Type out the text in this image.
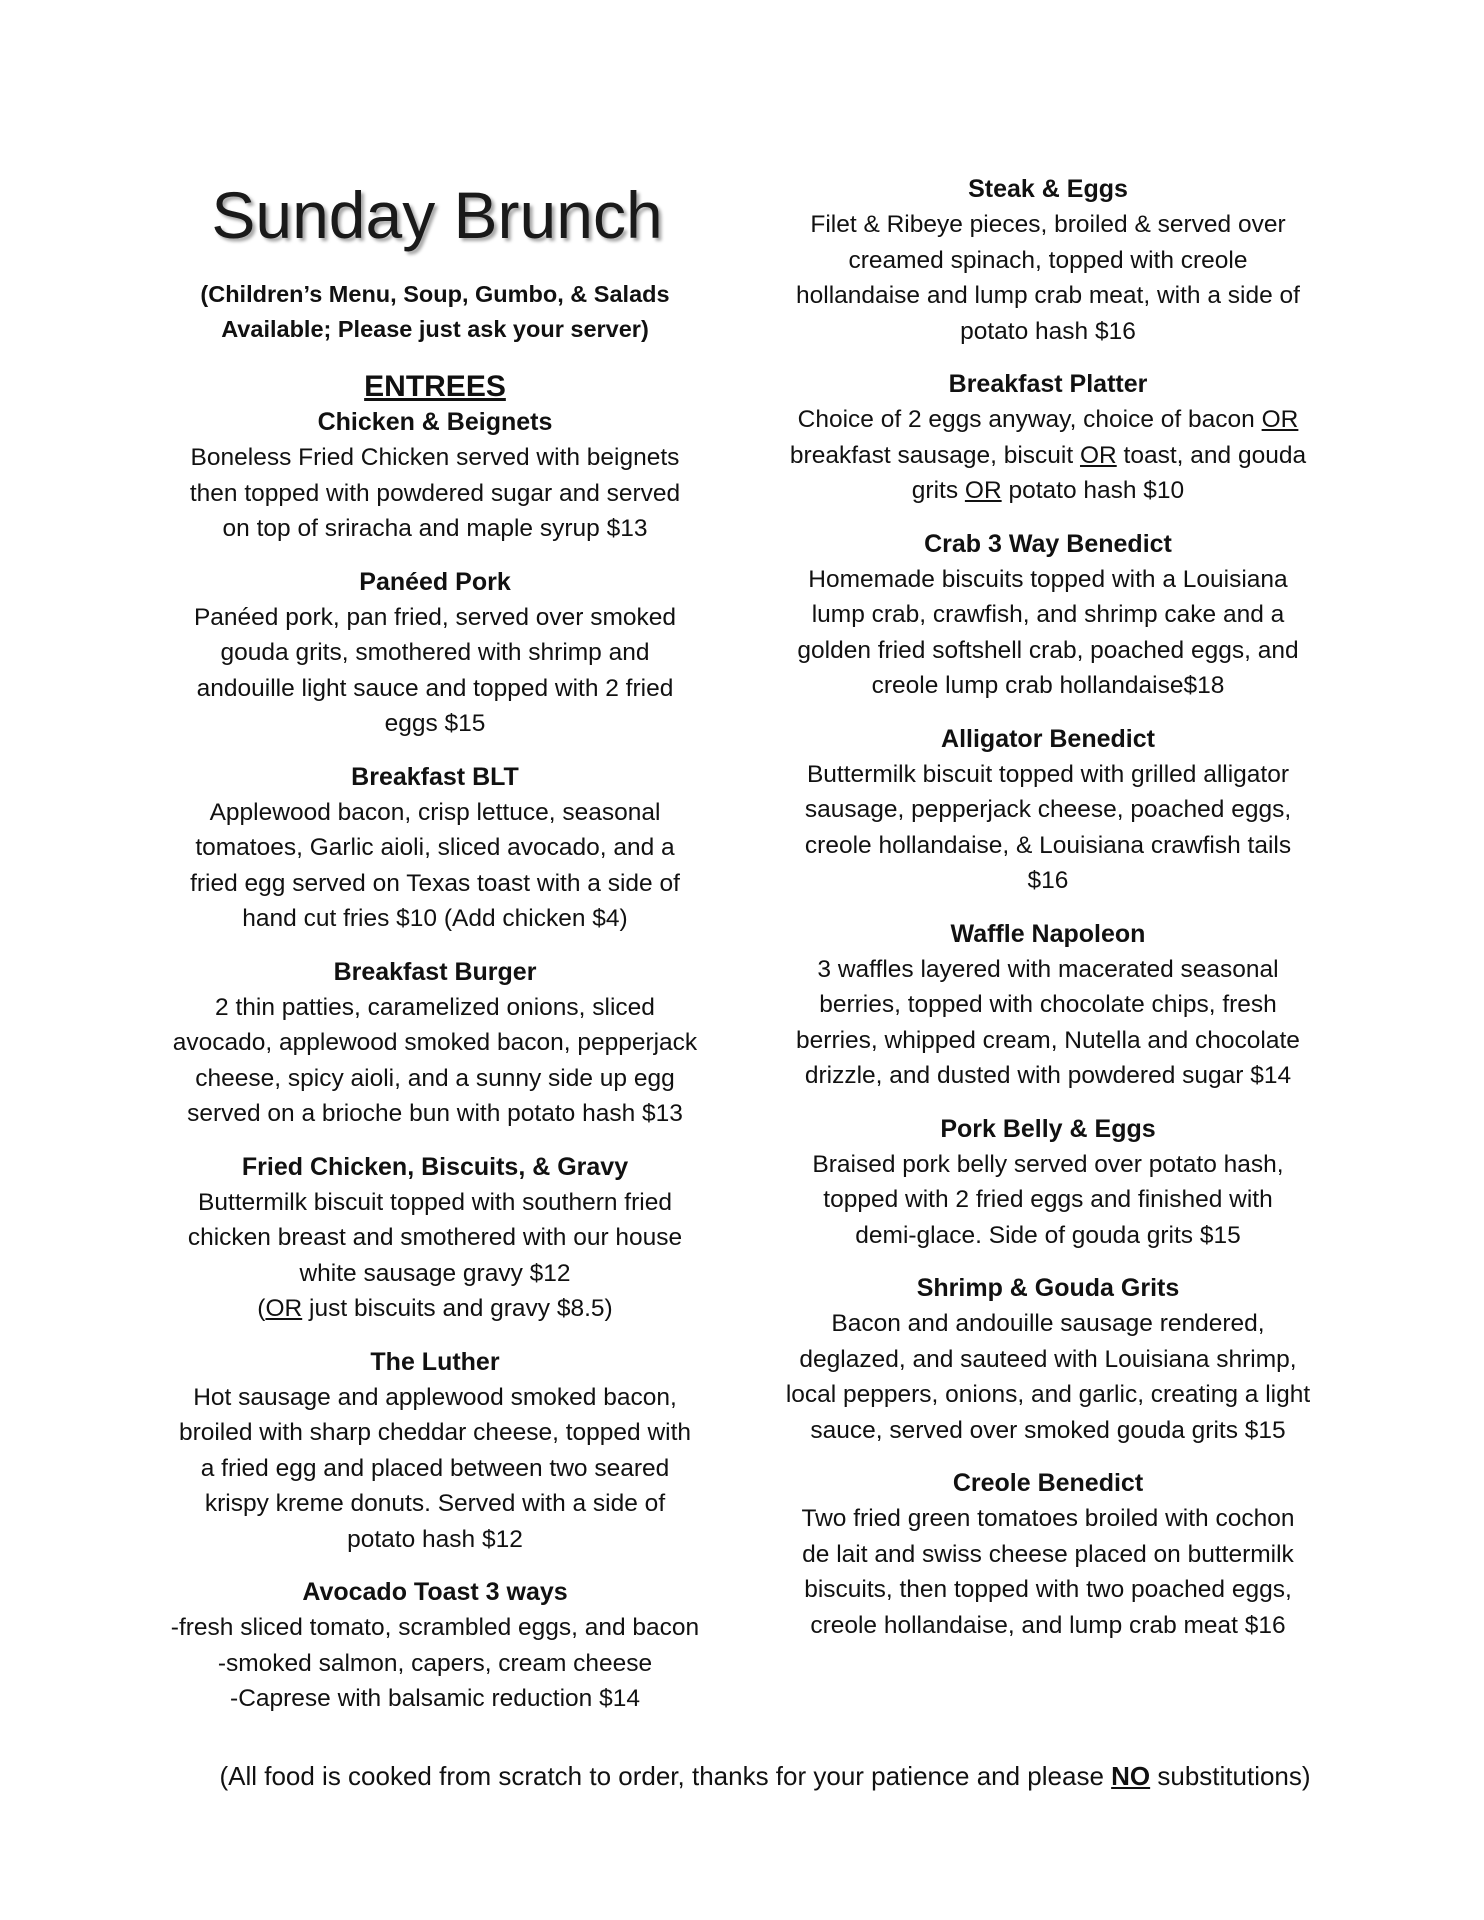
Sunday Brunch
(Children’s Menu, Soup, Gumbo, & Salads
Available; Please just ask your server)
ENTREES
Chicken & Beignets
Boneless Fried Chicken served with beignets
then topped with powdered sugar and served
on top of sriracha and maple syrup $13
Panéed Pork
Panéed pork, pan fried, served over smoked
gouda grits, smothered with shrimp and
andouille light sauce and topped with 2 fried
eggs $15
Breakfast BLT
Applewood bacon, crisp lettuce, seasonal
tomatoes, Garlic aioli, sliced avocado, and a
fried egg served on Texas toast with a side of
hand cut fries $10 (Add chicken $4)
Breakfast Burger
2 thin patties, caramelized onions, sliced
avocado, applewood smoked bacon, pepperjack
cheese, spicy aioli, and a sunny side up egg
served on a brioche bun with potato hash $13
Fried Chicken, Biscuits, & Gravy
Buttermilk biscuit topped with southern fried
chicken breast and smothered with our house
white sausage gravy $12
(OR just biscuits and gravy $8.5)
The Luther
Hot sausage and applewood smoked bacon,
broiled with sharp cheddar cheese, topped with
a fried egg and placed between two seared
krispy kreme donuts. Served with a side of
potato hash $12
Avocado Toast 3 ways
-fresh sliced tomato, scrambled eggs, and bacon
-smoked salmon, capers, cream cheese
-Caprese with balsamic reduction $14
Steak & Eggs
Filet & Ribeye pieces, broiled & served over
creamed spinach, topped with creole
hollandaise and lump crab meat, with a side of
potato hash $16
Breakfast Platter
Choice of 2 eggs anyway, choice of bacon OR
breakfast sausage, biscuit OR toast, and gouda
grits OR potato hash $10
Crab 3 Way Benedict
Homemade biscuits topped with a Louisiana
lump crab, crawfish, and shrimp cake and a
golden fried softshell crab, poached eggs, and
creole lump crab hollandaise$18
Alligator Benedict
Buttermilk biscuit topped with grilled alligator
sausage, pepperjack cheese, poached eggs,
creole hollandaise, & Louisiana crawfish tails
$16
Waffle Napoleon
3 waffles layered with macerated seasonal
berries, topped with chocolate chips, fresh
berries, whipped cream, Nutella and chocolate
drizzle, and dusted with powdered sugar $14
Pork Belly & Eggs
Braised pork belly served over potato hash,
topped with 2 fried eggs and finished with
demi-glace. Side of gouda grits $15
Shrimp & Gouda Grits
Bacon and andouille sausage rendered,
deglazed, and sauteed with Louisiana shrimp,
local peppers, onions, and garlic, creating a light
sauce, served over smoked gouda grits $15
Creole Benedict
Two fried green tomatoes broiled with cochon
de lait and swiss cheese placed on buttermilk
biscuits, then topped with two poached eggs,
creole hollandaise, and lump crab meat $16
(All food is cooked from scratch to order, thanks for your patience and please NO substitutions)
